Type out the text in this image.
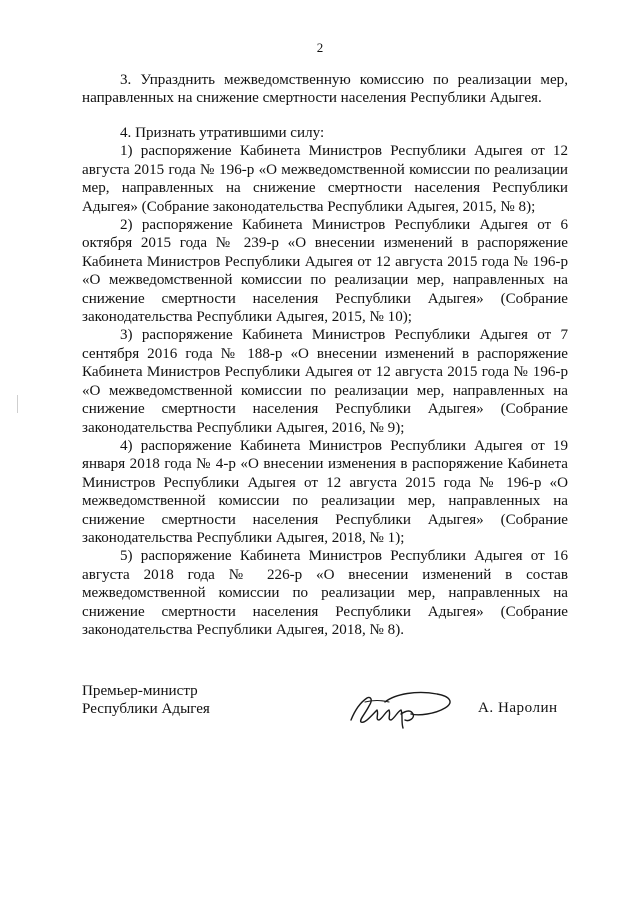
2

3. Упразднить межведомственную комиссию по реализации мер, направленных на снижение смертности населения Республики Адыгея.

4. Признать утратившими силу:

1) распоряжение Кабинета Министров Республики Адыгея от 12 августа 2015 года № 196-р «О межведомственной комиссии по реализации мер, направленных на снижение смертности населения Республики Адыгея» (Собрание законодательства Республики Адыгея, 2015, № 8);

2) распоряжение Кабинета Министров Республики Адыгея от 6 октября 2015 года № 239-р «О внесении изменений в распоряжение Кабинета Министров Республики Адыгея от 12 августа 2015 года № 196-р «О межведомственной комиссии по реализации мер, направленных на снижение смертности населения Республики Адыгея» (Собрание законодательства Республики Адыгея, 2015, № 10);

3) распоряжение Кабинета Министров Республики Адыгея от 7 сентября 2016 года № 188-р «О внесении изменений в распоряжение Кабинета Министров Республики Адыгея от 12 августа 2015 года № 196-р «О межведомственной комиссии по реализации мер, направленных на снижение смертности населения Республики Адыгея» (Собрание законодательства Республики Адыгея, 2016, № 9);

4) распоряжение Кабинета Министров Республики Адыгея от 19 января 2018 года № 4-р «О внесении изменения в распоряжение Кабинета Министров Республики Адыгея от 12 августа 2015 года № 196-р «О межведомственной комиссии по реализации мер, направленных на снижение смертности населения Республики Адыгея» (Собрание законодательства Республики Адыгея, 2018, № 1);

5) распоряжение Кабинета Министров Республики Адыгея от 16 августа 2018 года № 226-р «О внесении изменений в состав межведомственной комиссии по реализации мер, направленных на снижение смертности населения Республики Адыгея» (Собрание законодательства Республики Адыгея, 2018, № 8).

Премьер-министр
Республики Адыгея	А. Наролин
